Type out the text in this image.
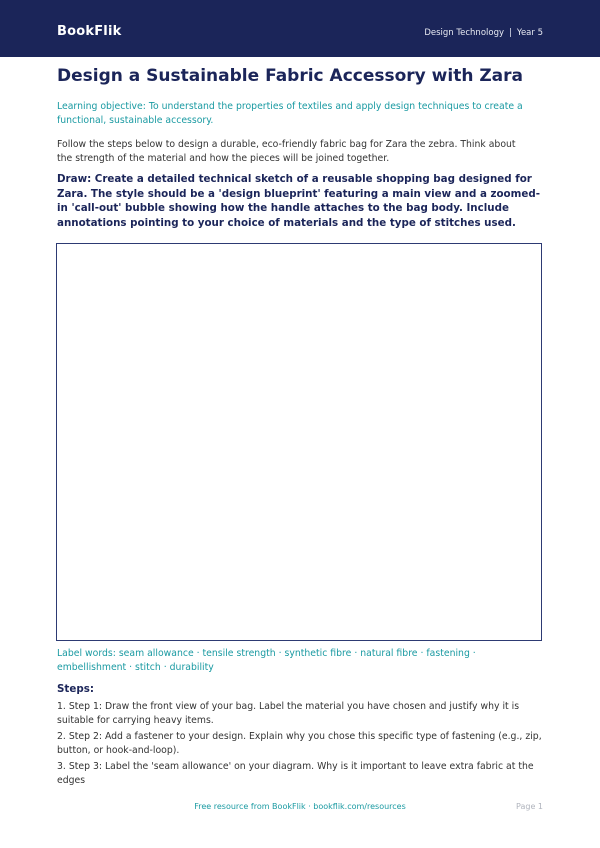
BookFlik	Design Technology | Year 5
Design a Sustainable Fabric Accessory with Zara
Learning objective: To understand the properties of textiles and apply design techniques to create a functional, sustainable accessory.
Follow the steps below to design a durable, eco-friendly fabric bag for Zara the zebra. Think about the strength of the material and how the pieces will be joined together.
Draw: Create a detailed technical sketch of a reusable shopping bag designed for Zara. The style should be a 'design blueprint' featuring a main view and a zoomed-in 'call-out' bubble showing how the handle attaches to the bag body. Include annotations pointing to your choice of materials and the type of stitches used.
Label words: seam allowance · tensile strength · synthetic fibre · natural fibre · fastening · embellishment · stitch · durability
Steps:
1. Step 1: Draw the front view of your bag. Label the material you have chosen and justify why it is suitable for carrying heavy items.
2. Step 2: Add a fastener to your design. Explain why you chose this specific type of fastening (e.g., zip, button, or hook-and-loop).
3. Step 3: Label the 'seam allowance' on your diagram. Why is it important to leave extra fabric at the edges
Free resource from BookFlik · bookflik.com/resources	Page 1
